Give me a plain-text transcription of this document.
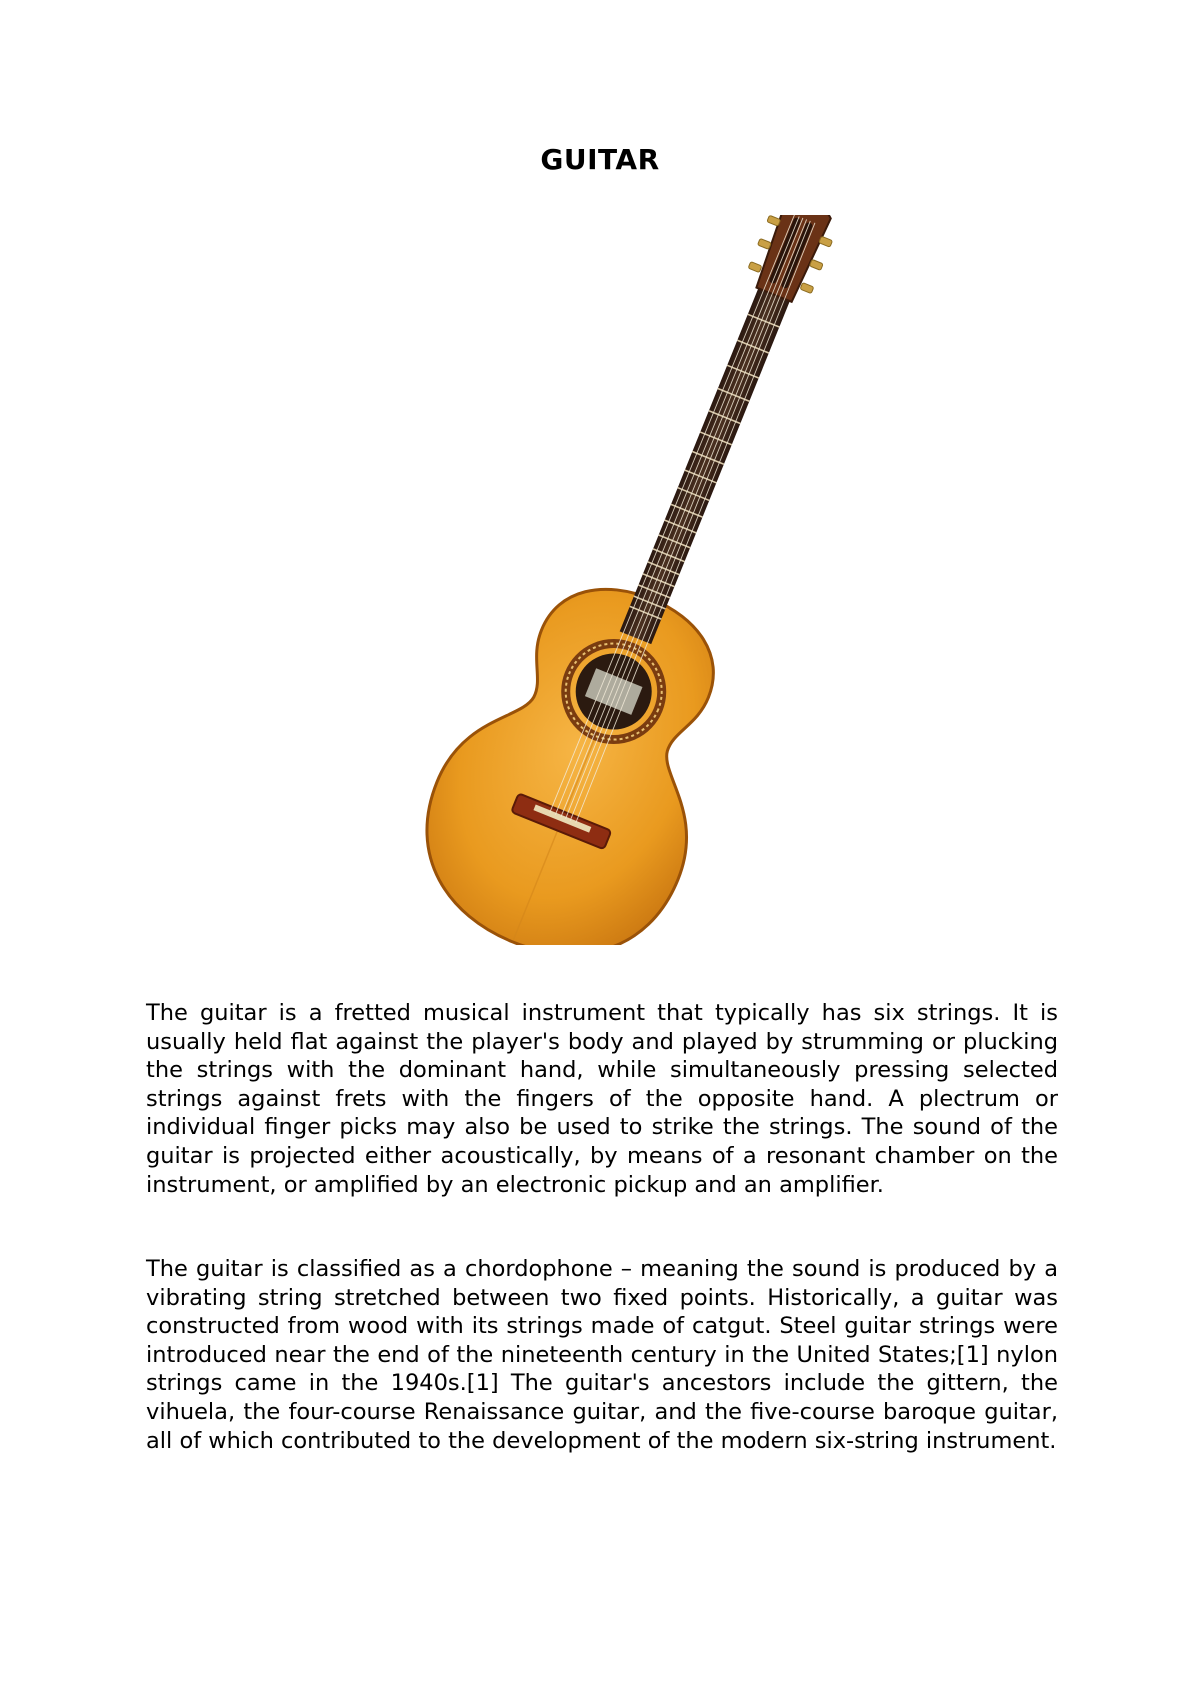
GUITAR

The guitar is a fretted musical instrument that typically has six strings. It is usually held flat against the player's body and played by strumming or plucking the strings with the dominant hand, while simultaneously pressing selected strings against frets with the fingers of the opposite hand. A plectrum or individual finger picks may also be used to strike the strings. The sound of the guitar is projected either acoustically, by means of a resonant chamber on the instrument, or amplified by an electronic pickup and an amplifier.

The guitar is classified as a chordophone – meaning the sound is produced by a vibrating string stretched between two fixed points. Historically, a guitar was constructed from wood with its strings made of catgut. Steel guitar strings were introduced near the end of the nineteenth century in the United States;[1] nylon strings came in the 1940s.[1] The guitar's ancestors include the gittern, the vihuela, the four-course Renaissance guitar, and the five-course baroque guitar, all of which contributed to the development of the modern six-string instrument.
